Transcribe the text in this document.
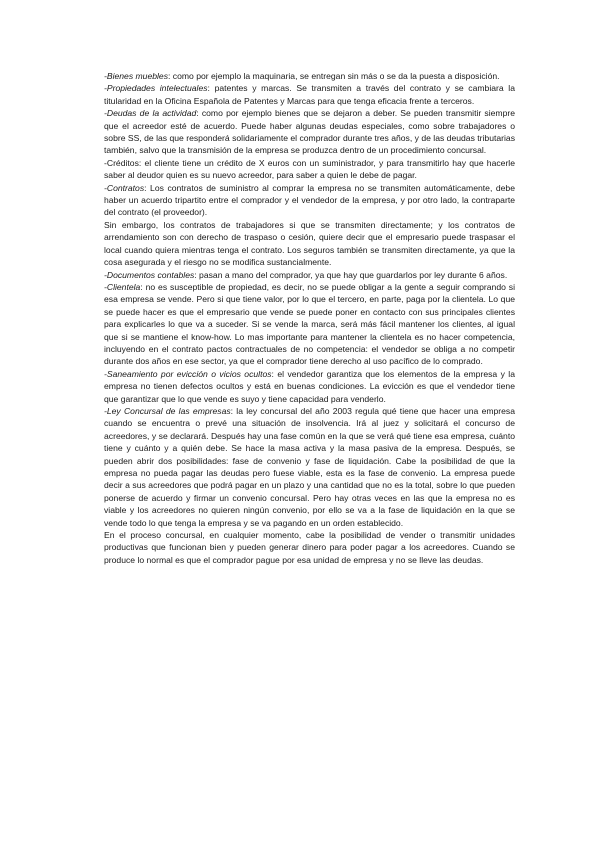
-Bienes muebles: como por ejemplo la maquinaria, se entregan sin más o se da la puesta a disposición.

-Propiedades intelectuales: patentes y marcas. Se transmiten a través del contrato y se cambiara la titularidad en la Oficina Española de Patentes y Marcas para que tenga eficacia frente a terceros.

-Deudas de la actividad: como por ejemplo bienes que se dejaron a deber. Se pueden transmitir siempre que el acreedor esté de acuerdo. Puede haber algunas deudas especiales, como sobre trabajadores o sobre SS, de las que responderá solidariamente el comprador durante tres años, y de las deudas tributarias también, salvo que la transmisión de la empresa se produzca dentro de un procedimiento concursal.

-Créditos: el cliente tiene un crédito de X euros con un suministrador, y para transmitirlo hay que hacerle saber al deudor quien es su nuevo acreedor, para saber a quien le debe de pagar.

-Contratos: Los contratos de suministro al comprar la empresa no se transmiten automáticamente, debe haber un acuerdo tripartito entre el comprador y el vendedor de la empresa, y por otro lado, la contraparte del contrato (el proveedor).

Sin embargo, los contratos de trabajadores si que se transmiten directamente; y los contratos de arrendamiento son con derecho de traspaso o cesión, quiere decir que el empresario puede traspasar el local cuando quiera mientras tenga el contrato. Los seguros también se transmiten directamente, ya que la cosa asegurada y el riesgo no se modifica sustancialmente.

-Documentos contables: pasan a mano del comprador, ya que hay que guardarlos por ley durante 6 años.

-Clientela: no es susceptible de propiedad, es decir, no se puede obligar a la gente a seguir comprando si esa empresa se vende. Pero si que tiene valor, por lo que el tercero, en parte, paga por la clientela. Lo que se puede hacer es que el empresario que vende se puede poner en contacto con sus principales clientes para explicarles lo que va a suceder. Si se vende la marca, será más fácil mantener los clientes, al igual que si se mantiene el know-how. Lo mas importante para mantener la clientela es no hacer competencia, incluyendo en el contrato pactos contractuales de no competencia: el vendedor se obliga a no competir durante dos años en ese sector, ya que el comprador tiene derecho al uso pacífico de lo comprado.

-Saneamiento por evicción o vicios ocultos: el vendedor garantiza que los elementos de la empresa y la empresa no tienen defectos ocultos y está en buenas condiciones. La evicción es que el vendedor tiene que garantizar que lo que vende es suyo y tiene capacidad para venderlo.

-Ley Concursal de las empresas: la ley concursal del año 2003 regula qué tiene que hacer una empresa cuando se encuentra o prevé una situación de insolvencia. Irá al juez y solicitará el concurso de acreedores, y se declarará. Después hay una fase común en la que se verá qué tiene esa empresa, cuánto tiene y cuánto y a quién debe. Se hace la masa activa y la masa pasiva de la empresa. Después, se pueden abrir dos posibilidades: fase de convenio y fase de liquidación. Cabe la posibilidad de que la empresa no pueda pagar las deudas pero fuese viable, esta es la fase de convenio. La empresa puede decir a sus acreedores que podrá pagar en un plazo y una cantidad que no es la total, sobre lo que pueden ponerse de acuerdo y firmar un convenio concursal. Pero hay otras veces en las que la empresa no es viable y los acreedores no quieren ningún convenio, por ello se va a la fase de liquidación en la que se vende todo lo que tenga la empresa y se va pagando en un orden establecido.

En el proceso concursal, en cualquier momento, cabe la posibilidad de vender o transmitir unidades productivas que funcionan bien y pueden generar dinero para poder pagar a los acreedores. Cuando se produce lo normal es que el comprador pague por esa unidad de empresa y no se lleve las deudas.
